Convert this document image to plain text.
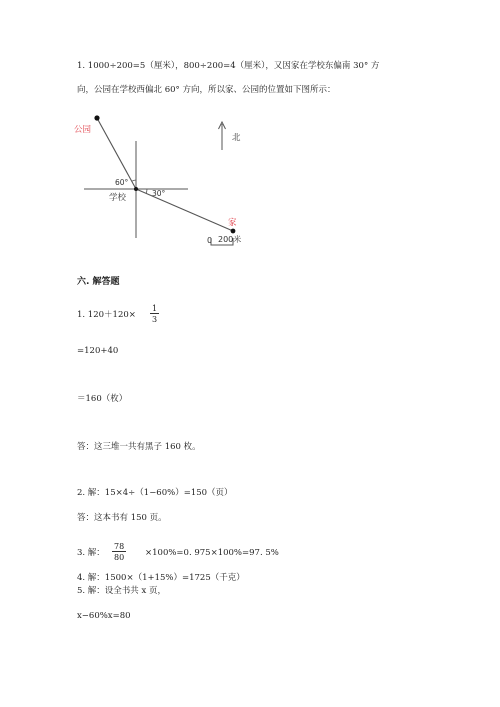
1. 1000÷200=5（厘米），800÷200=4（厘米），又因家在学校东偏南 30° 方
向，公园在学校西偏北 60° 方向，所以家、公园的位置如下图所示：
公园
学校
家
北
60°
30°
0 200米
六. 解答题
1. $120+120\times \frac{1}{3}$
=120+40
＝160（枚）
答：这三堆一共有黑子 160 枚。
2. 解：15×4÷（1−60%）=150（页）
答：这本书有 150 页。
3. 解： $\frac{78}{80} \times 100\%=0$. 975×100%=97. 5%
4. 解：1500×（1+15%）=1725（千克）
5. 解：设全书共 x 页，
x−60%x=80
